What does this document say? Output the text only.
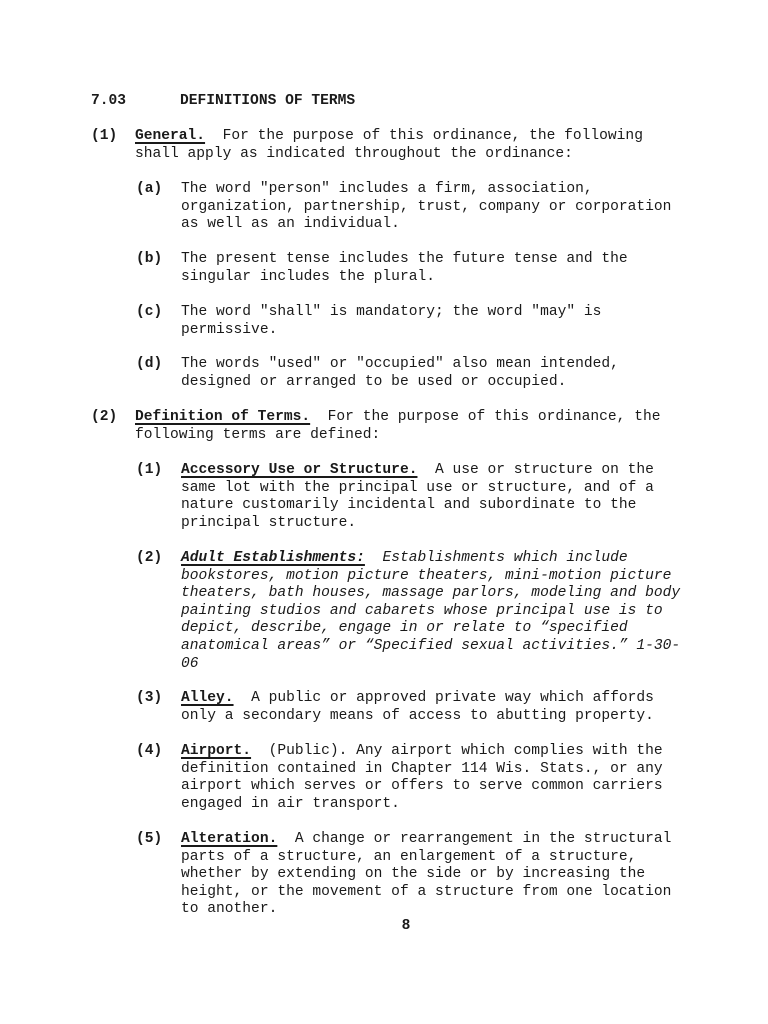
7.03	DEFINITIONS OF TERMS
(1) General. For the purpose of this ordinance, the following shall apply as indicated throughout the ordinance:
(a) The word "person" includes a firm, association, organization, partnership, trust, company or corporation as well as an individual.
(b) The present tense includes the future tense and the singular includes the plural.
(c) The word "shall" is mandatory; the word "may" is permissive.
(d) The words "used" or "occupied" also mean intended, designed or arranged to be used or occupied.
(2) Definition of Terms. For the purpose of this ordinance, the following terms are defined:
(1) Accessory Use or Structure. A use or structure on the same lot with the principal use or structure, and of a nature customarily incidental and subordinate to the principal structure.
(2) Adult Establishments: Establishments which include bookstores, motion picture theaters, mini-motion picture theaters, bath houses, massage parlors, modeling and body painting studios and cabarets whose principal use is to depict, describe, engage in or relate to “specified anatomical areas” or “Specified sexual activities.” 1-30-06
(3) Alley. A public or approved private way which affords only a secondary means of access to abutting property.
(4) Airport. (Public). Any airport which complies with the definition contained in Chapter 114 Wis. Stats., or any airport which serves or offers to serve common carriers engaged in air transport.
(5) Alteration. A change or rearrangement in the structural parts of a structure, an enlargement of a structure, whether by extending on the side or by increasing the height, or the movement of a structure from one location to another.
8
